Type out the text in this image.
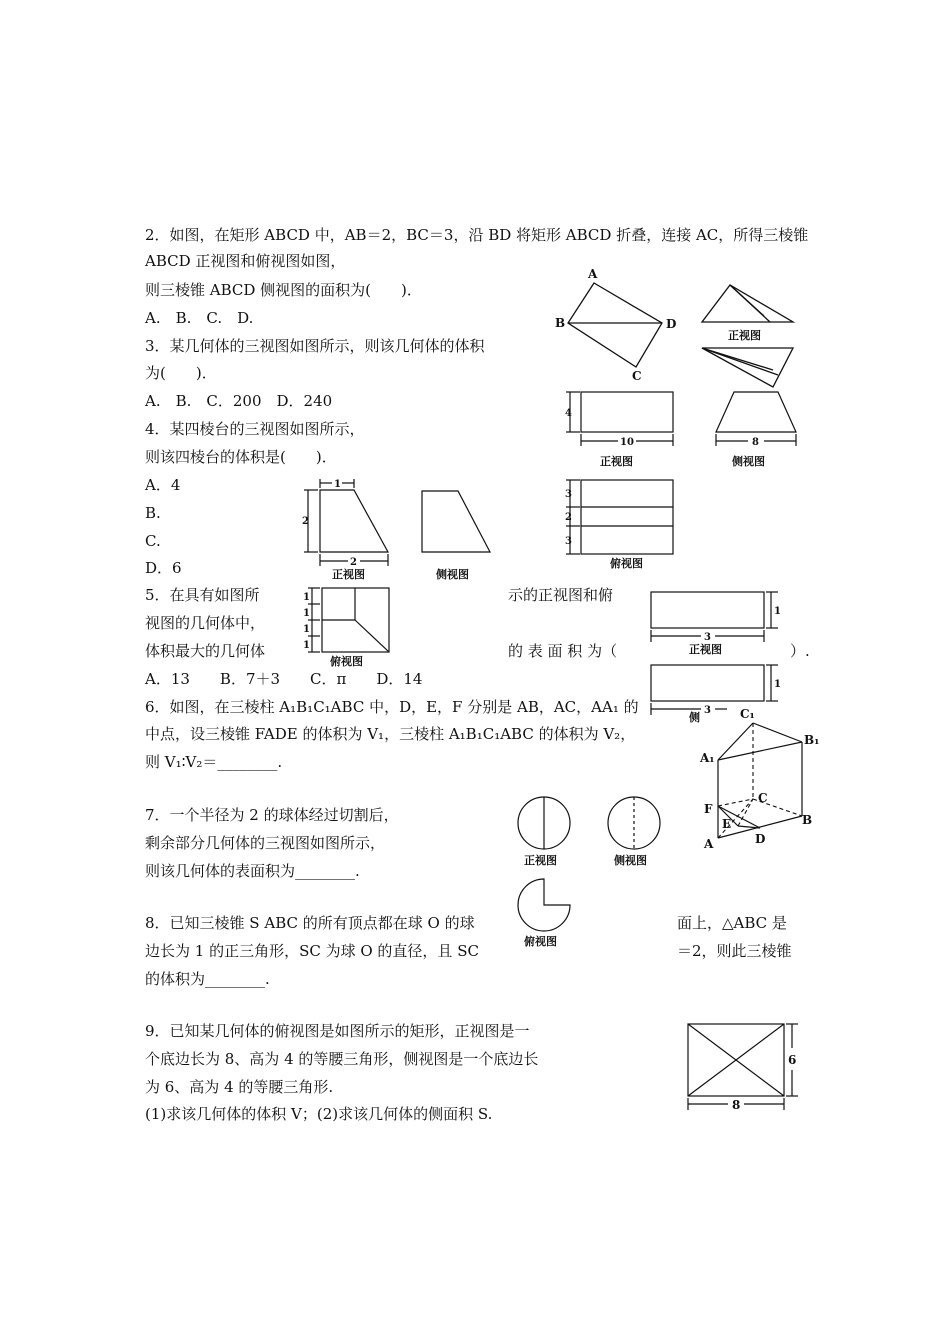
2．如图，在矩形 ABCD 中，AB＝2，BC＝3，沿 BD 将矩形 ABCD 折叠，连接 AC，所得三棱锥
ABCD 正视图和俯视图如图，
则三棱锥 ABCD 侧视图的面积为(　　)．
A.　B.　C.　D.
A
B
C
D
正视图
3．某几何体的三视图如图所示，则该几何体的体积
为(　　)．
A.　B.　C．200　D．240
4
10
正视图
8
侧视图
3
2
3
俯视图
4．某四棱台的三视图如图所示，
则该四棱台的体积是(　　)．
A．4
B.
C.
D．6
1
2
2
正视图	侧视图
5．在具有如图所	示的正视图和俯
视图的几何体中，
体积最大的几何体	的 表 面 积 为（	）.
A．13　　B．7＋3　　C．π　　D．14
1
1
1
1
俯视图
1
3
正视图
1
3
侧
6．如图，在三棱柱 A₁B₁C₁ABC 中，D，E，F 分别是 AB，AC，AA₁ 的
中点，设三棱锥 FADE 的体积为 V₁，三棱柱 A₁B₁C₁ABC 的体积为 V₂，
则 V₁∶V₂＝________.
C₁
B₁
A₁
C
F
E
D
B
A
7．一个半径为 2 的球体经过切割后，
剩余部分几何体的三视图如图所示，
则该几何体的表面积为________.
正视图	侧视图
俯视图
8．已知三棱锥 S ABC 的所有顶点都在球 O 的球	面上，△ABC 是
边长为 1 的正三角形，SC 为球 O 的直径，且 SC	＝2，则此三棱锥
的体积为________.
9．已知某几何体的俯视图是如图所示的矩形，正视图是一
个底边长为 8、高为 4 的等腰三角形，侧视图是一个底边长
为 6、高为 4 的等腰三角形.
(1)求该几何体的体积 V；(2)求该几何体的侧面积 S.
6
8
